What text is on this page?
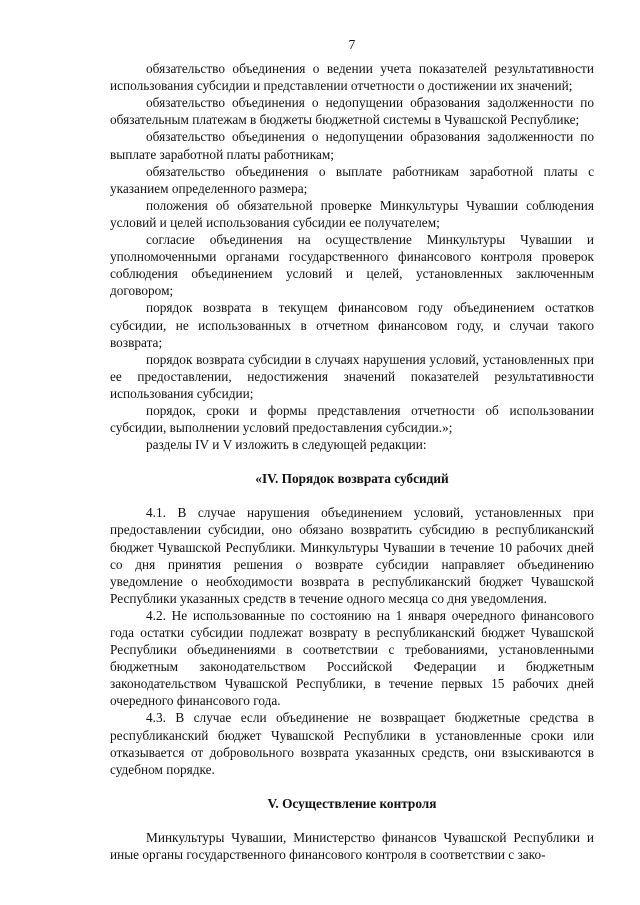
7

обязательство объединения о ведении учета показателей результативности использования субсидии и представлении отчетности о достижении их значений;

обязательство объединения о недопущении образования задолженности по обязательным платежам в бюджеты бюджетной системы в Чувашской Республике;

обязательство объединения о недопущении образования задолженности по выплате заработной платы работникам;

обязательство объединения о выплате работникам заработной платы с указанием определенного размера;

положения об обязательной проверке Минкультуры Чувашии соблюдения условий и целей использования субсидии ее получателем;

согласие объединения на осуществление Минкультуры Чувашии и уполномоченными органами государственного финансового контроля проверок соблюдения объединением условий и целей, установленных заключенным договором;

порядок возврата в текущем финансовом году объединением остатков субсидии, не использованных в отчетном финансовом году, и случаи такого возврата;

порядок возврата субсидии в случаях нарушения условий, установленных при ее предоставлении, недостижения значений показателей результативности использования субсидии;

порядок, сроки и формы представления отчетности об использовании субсидии, выполнении условий предоставления субсидии.»;

разделы IV и V изложить в следующей редакции:

«IV. Порядок возврата субсидий

4.1. В случае нарушения объединением условий, установленных при предоставлении субсидии, оно обязано возвратить субсидию в республиканский бюджет Чувашской Республики. Минкультуры Чувашии в течение 10 рабочих дней со дня принятия решения о возврате субсидии направляет объединению уведомление о необходимости возврата в республиканский бюджет Чувашской Республики указанных средств в течение одного месяца со дня уведомления.

4.2. Не использованные по состоянию на 1 января очередного финансового года остатки субсидии подлежат возврату в республиканский бюджет Чувашской Республики объединениями в соответствии с требованиями, установленными бюджетным законодательством Российской Федерации и бюджетным законодательством Чувашской Республики, в течение первых 15 рабочих дней очередного финансового года.

4.3. В случае если объединение не возвращает бюджетные средства в республиканский бюджет Чувашской Республики в установленные сроки или отказывается от добровольного возврата указанных средств, они взыскиваются в судебном порядке.

V. Осуществление контроля

Минкультуры Чувашии, Министерство финансов Чувашской Республики и иные органы государственного финансового контроля в соответствии с зако-
